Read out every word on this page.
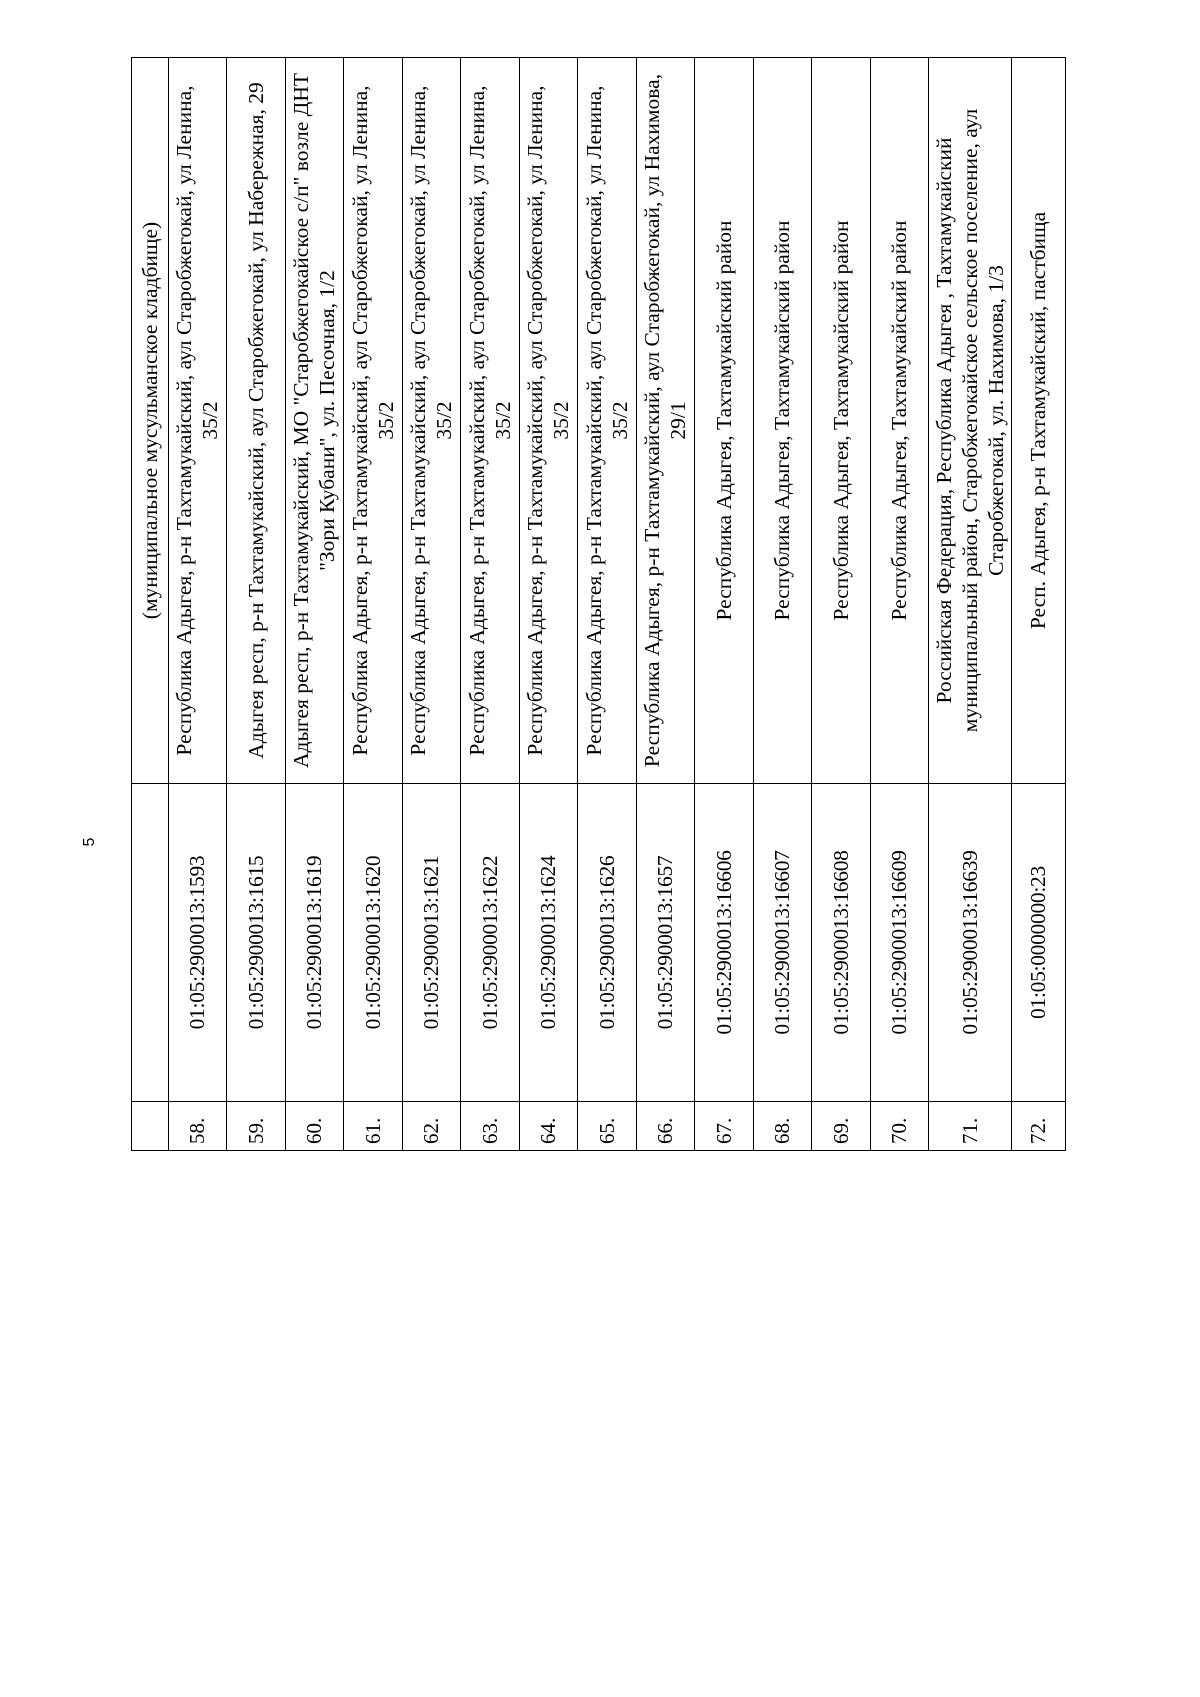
5
		(муниципальное мусульманское кладбище)
58.	01:05:2900013:1593	Республика Адыгея, р-н Тахтамукайский, аул Старобжегокай, ул Ленина, 35/2
59.	01:05:2900013:1615	Адыгея респ, р-н Тахтамукайский, аул Старобжегокай, ул Набережная, 29
60.	01:05:2900013:1619	Адыгея респ, р-н Тахтамукайский, МО "Старобжегокайское с/п" возле ДНТ "Зори Кубани", ул. Песочная, 1/2
61.	01:05:2900013:1620	Республика Адыгея, р-н Тахтамукайский, аул Старобжегокай, ул Ленина, 35/2
62.	01:05:2900013:1621	Республика Адыгея, р-н Тахтамукайский, аул Старобжегокай, ул Ленина, 35/2
63.	01:05:2900013:1622	Республика Адыгея, р-н Тахтамукайский, аул Старобжегокай, ул Ленина, 35/2
64.	01:05:2900013:1624	Республика Адыгея, р-н Тахтамукайский, аул Старобжегокай, ул Ленина, 35/2
65.	01:05:2900013:1626	Республика Адыгея, р-н Тахтамукайский, аул Старобжегокай, ул Ленина, 35/2
66.	01:05:2900013:1657	Республика Адыгея, р-н Тахтамукайский, аул Старобжегокай, ул Нахимова, 29/1
67.	01:05:2900013:16606	Республика Адыгея, Тахтамукайский район
68.	01:05:2900013:16607	Республика Адыгея, Тахтамукайский район
69.	01:05:2900013:16608	Республика Адыгея, Тахтамукайский район
70.	01:05:2900013:16609	Республика Адыгея, Тахтамукайский район
71.	01:05:2900013:16639	Российская Федерация, Республика Адыгея , Тахтамукайский муниципальный район, Старобжегокайское сельское поселение, аул Старобжегокай, ул. Нахимова, 1/3
72.	01:05:0000000:23	Респ. Адыгея, р-н Тахтамукайский, пастбища
